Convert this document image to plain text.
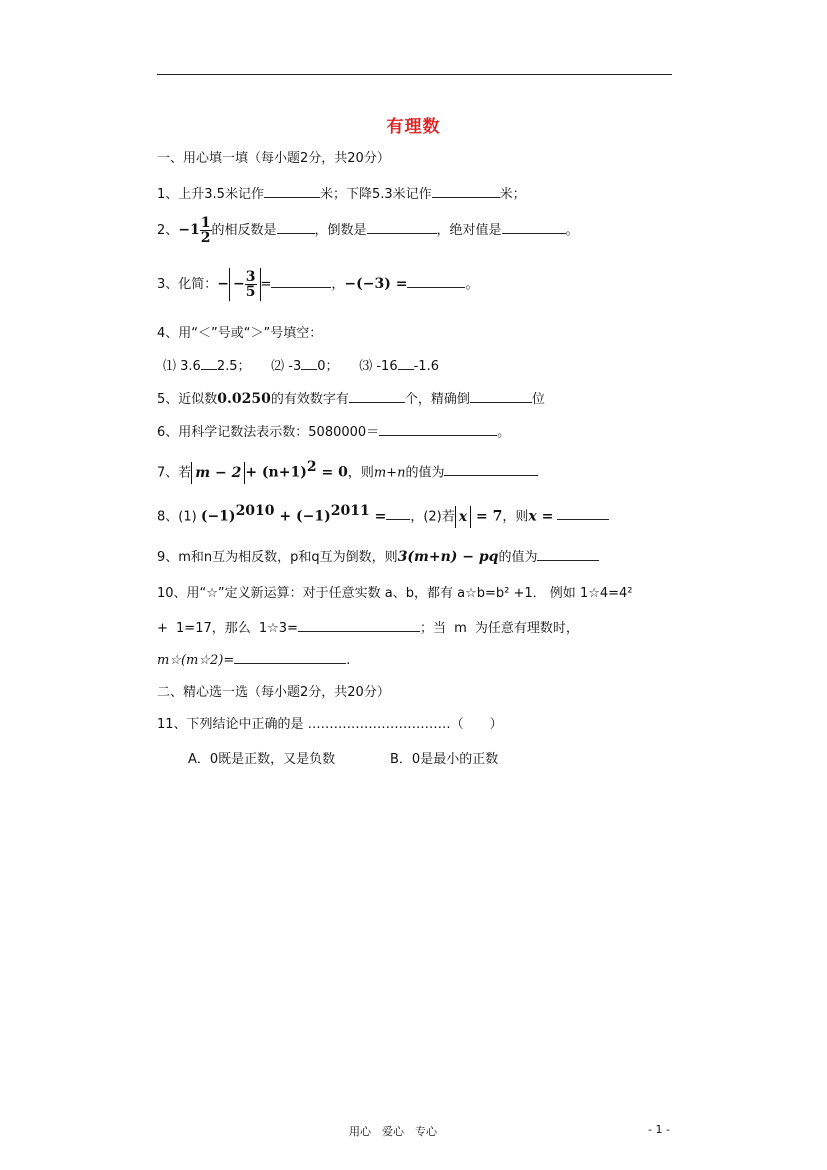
有理数
一、用心填一填（每小题2分，共20分）
1、上升3.5米记作	米；下降5.3米记作	米；
2、$-1 \frac{1}{2}$ 的相反数是	，倒数是	，绝对值是	。
3、化简：− − $\frac{3}{5}$ =	，−(−3) =	。
4、用“＜”号或“＞”号填空：
⑴ 3.6 2.5； ⑵ -3 0； ⑶ -16 -1.6
5、近似数0.0250的有效数字有	个，精确倒	位
6、用科学记数法表示数：5080000＝	。
7、若 $m - 2 + (n+1)^2 = 0$，则m+n的值为
8、(1) $(-1)^{2010} + (-1)^{2011}$ = ，(2)若 x = 7，则x =
9、m和n互为相反数，p和q互为倒数，则3(m+n) − pq的值为
10、用“☆”定义新运算：对于任意实数 a、b，都有 a☆b=b² +1． 例如 1☆4=4²
+ 1=17，那么 1☆3=	；当 m 为任意有理数时，
m☆(m☆2)=	.
二、精心选一选（每小题2分，共20分）
11、下列结论中正确的是 ……………………………（　　）
A．0既是正数，又是负数	B．0是最小的正数
用心　爱心　专心	- 1 -
